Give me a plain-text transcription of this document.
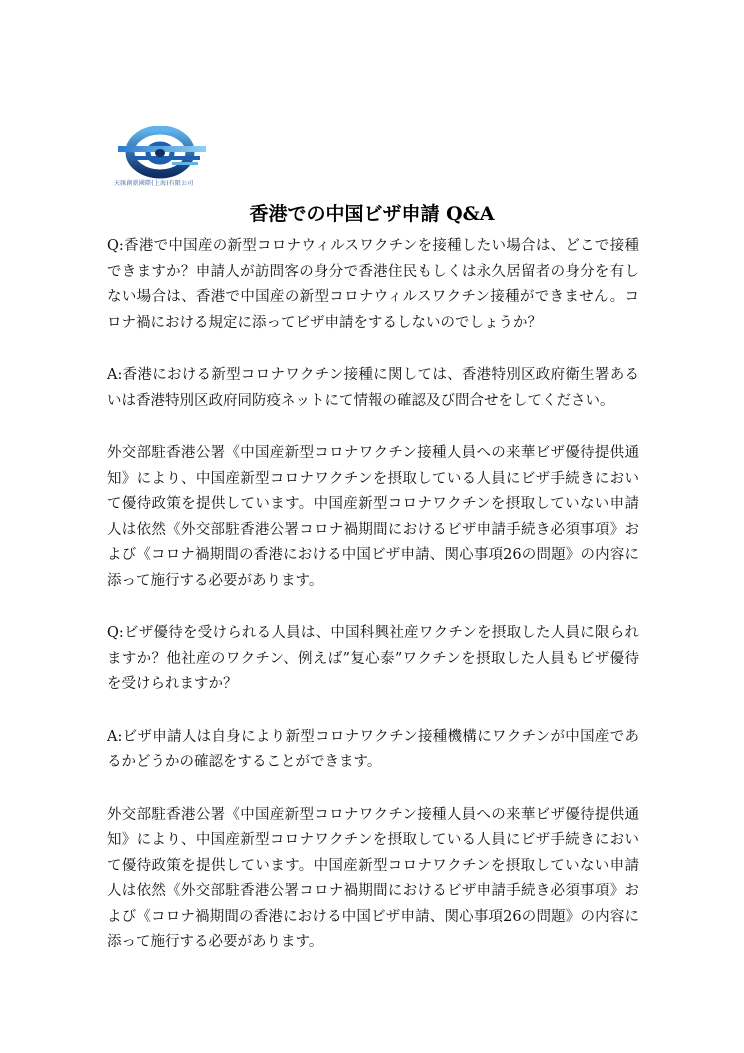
天匯創新國際(上海)有限公司
香港での中国ビザ申請 Q&A

Q:香港で中国産の新型コロナウィルスワクチンを接種したい場合は、どこで接種できますか？申請人が訪問客の身分で香港住民もしくは永久居留者の身分を有しない場合は、香港で中国産の新型コロナウィルスワクチン接種ができません。コロナ禍における規定に添ってビザ申請をするしないのでしょうか？

A:香港における新型コロナワクチン接種に関しては、香港特別区政府衛生署あるいは香港特別区政府同防疫ネットにて情報の確認及び問合せをしてください。

外交部駐香港公署《中国産新型コロナワクチン接種人員への来華ビザ優待提供通知》により、中国産新型コロナワクチンを摂取している人員にビザ手続きにおいて優待政策を提供しています。中国産新型コロナワクチンを摂取していない申請人は依然《外交部駐香港公署コロナ禍期間におけるビザ申請手続き必須事項》および《コロナ禍期間の香港における中国ビザ申請、関心事項26の問題》の内容に添って施行する必要があります。

Q:ビザ優待を受けられる人員は、中国科興社産ワクチンを摂取した人員に限られますか？他社産のワクチン、例えば”复心泰”ワクチンを摂取した人員もビザ優待を受けられますか？

A:ビザ申請人は自身により新型コロナワクチン接種機構にワクチンが中国産であるかどうかの確認をすることができます。

外交部駐香港公署《中国産新型コロナワクチン接種人員への来華ビザ優待提供通知》により、中国産新型コロナワクチンを摂取している人員にビザ手続きにおいて優待政策を提供しています。中国産新型コロナワクチンを摂取していない申請人は依然《外交部駐香港公署コロナ禍期間におけるビザ申請手続き必須事項》および《コロナ禍期間の香港における中国ビザ申請、関心事項26の問題》の内容に添って施行する必要があります。
